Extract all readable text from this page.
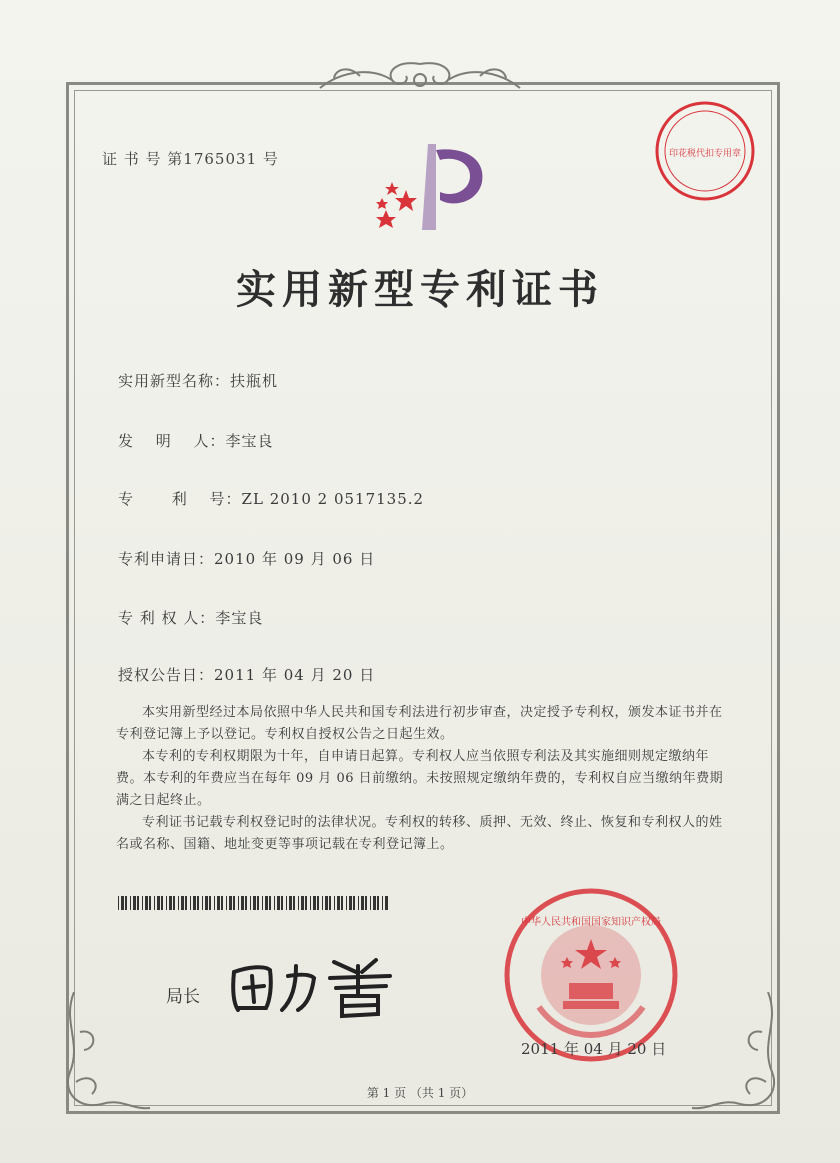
证 书 号 第1765031 号	印花税代扣专用章
实用新型专利证书
实用新型名称：扶瓶机
发　 明　 人：李宝良
专　　 利　 号：ZL 2010 2 0517135.2
专利申请日：2010 年 09 月 06 日
专 利 权 人：李宝良
授权公告日：2011 年 04 月 20 日

本实用新型经过本局依照中华人民共和国专利法进行初步审查，决定授予专利权，颁发本证书并在专利登记簿上予以登记。专利权自授权公告之日起生效。

本专利的专利权期限为十年，自申请日起算。专利权人应当依照专利法及其实施细则规定缴纳年费。本专利的年费应当在每年 09 月 06 日前缴纳。未按照规定缴纳年费的，专利权自应当缴纳年费期满之日起终止。

专利证书记载专利权登记时的法律状况。专利权的转移、质押、无效、终止、恢复和专利权人的姓名或名称、国籍、地址变更等事项记载在专利登记簿上。

局长
中华人民共和国国家知识产权局
2011 年 04 月 20 日
第 1 页 （共 1 页）
